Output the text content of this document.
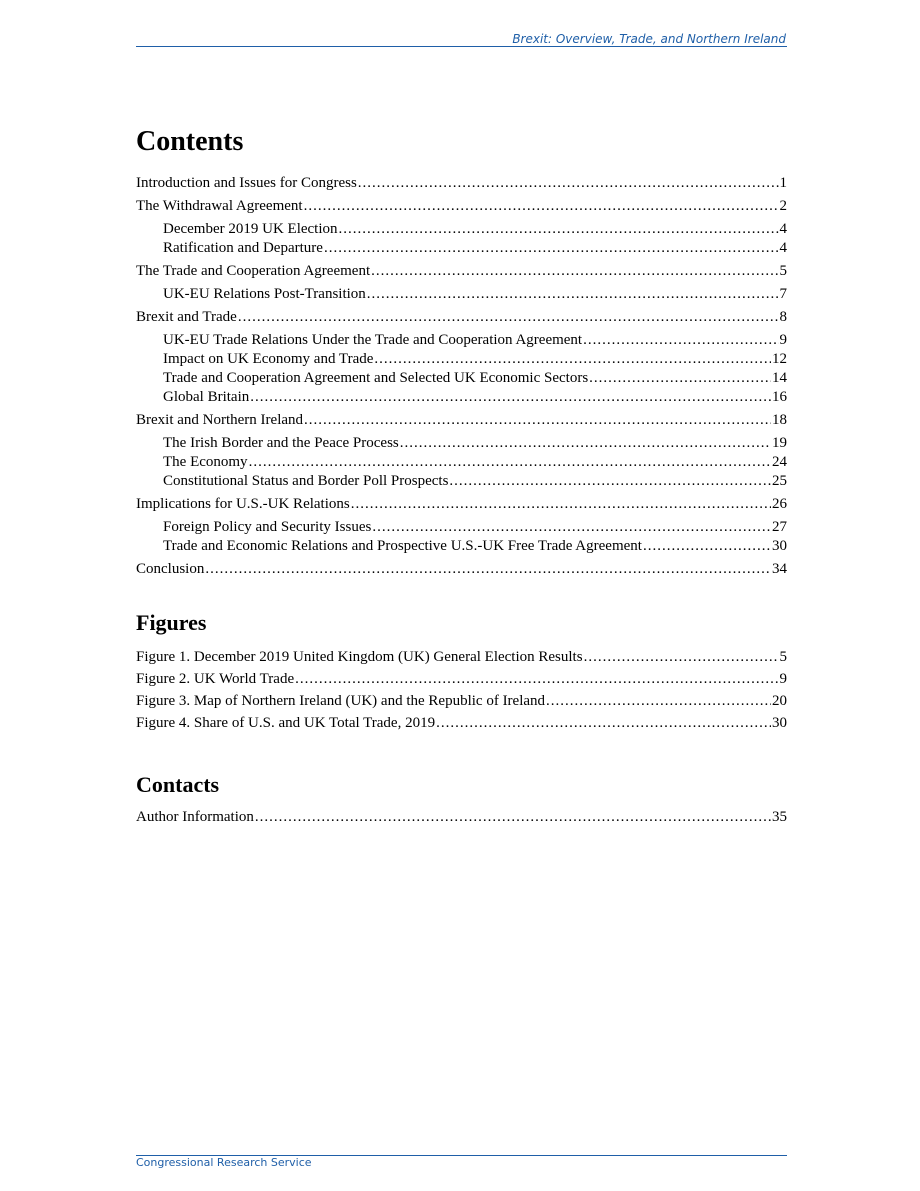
Brexit: Overview, Trade, and Northern Ireland
Contents
Introduction and Issues for Congress .....	1
The Withdrawal Agreement .....	2
December 2019 UK Election .....	4
Ratification and Departure .....	4
The Trade and Cooperation Agreement .....	5
UK-EU Relations Post-Transition .....	7
Brexit and Trade .....	8
UK-EU Trade Relations Under the Trade and Cooperation Agreement .....	9
Impact on UK Economy and Trade .....	12
Trade and Cooperation Agreement and Selected UK Economic Sectors .....	14
Global Britain .....	16
Brexit and Northern Ireland .....	18
The Irish Border and the Peace Process .....	19
The Economy .....	24
Constitutional Status and Border Poll Prospects .....	25
Implications for U.S.-UK Relations .....	26
Foreign Policy and Security Issues .....	27
Trade and Economic Relations and Prospective U.S.-UK Free Trade Agreement .....	30
Conclusion .....	34
Figures
Figure 1. December 2019 United Kingdom (UK) General Election Results .....	5
Figure 2. UK World Trade .....	9
Figure 3. Map of Northern Ireland (UK) and the Republic of Ireland .....	20
Figure 4. Share of U.S. and UK Total Trade, 2019 .....	30
Contacts
Author Information .....	35
Congressional Research Service
